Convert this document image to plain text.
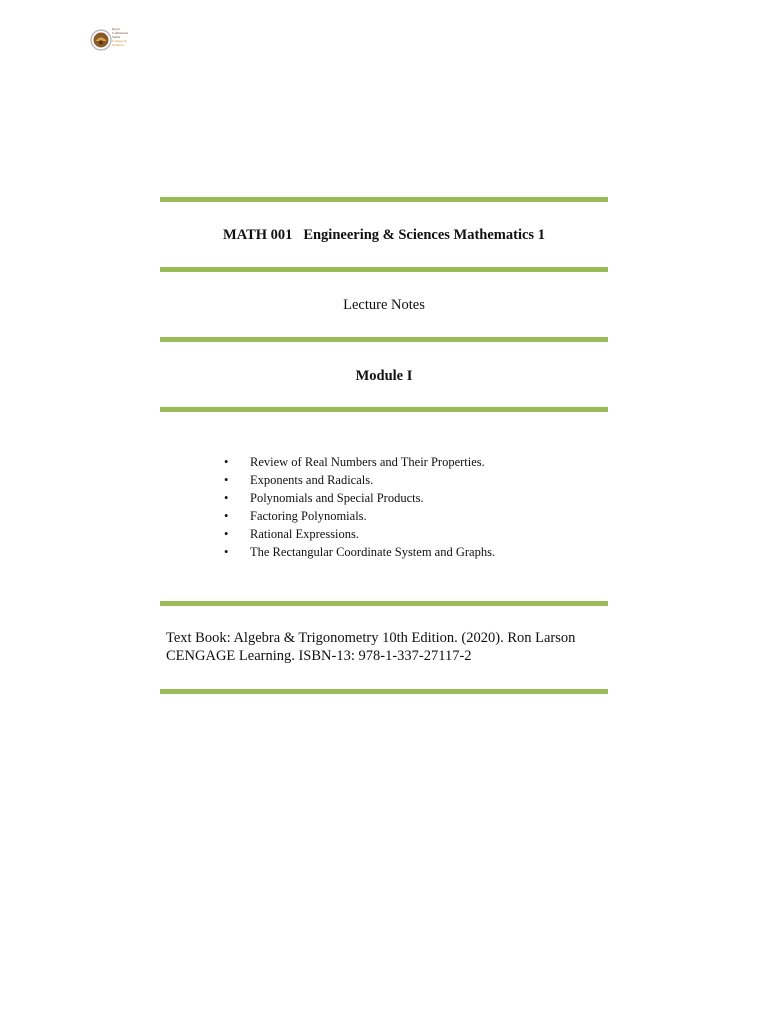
Royal
Commission
Yanbu
Colleges &
Institutes
MATH 001 Engineering & Sciences Mathematics 1
Lecture Notes
Module I
• Review of Real Numbers and Their Properties.
• Exponents and Radicals.
• Polynomials and Special Products.
• Factoring Polynomials.
• Rational Expressions.
• The Rectangular Coordinate System and Graphs.
Text Book: Algebra & Trigonometry 10th Edition. (2020). Ron Larson
CENGAGE Learning. ISBN-13: 978-1-337-27117-2
